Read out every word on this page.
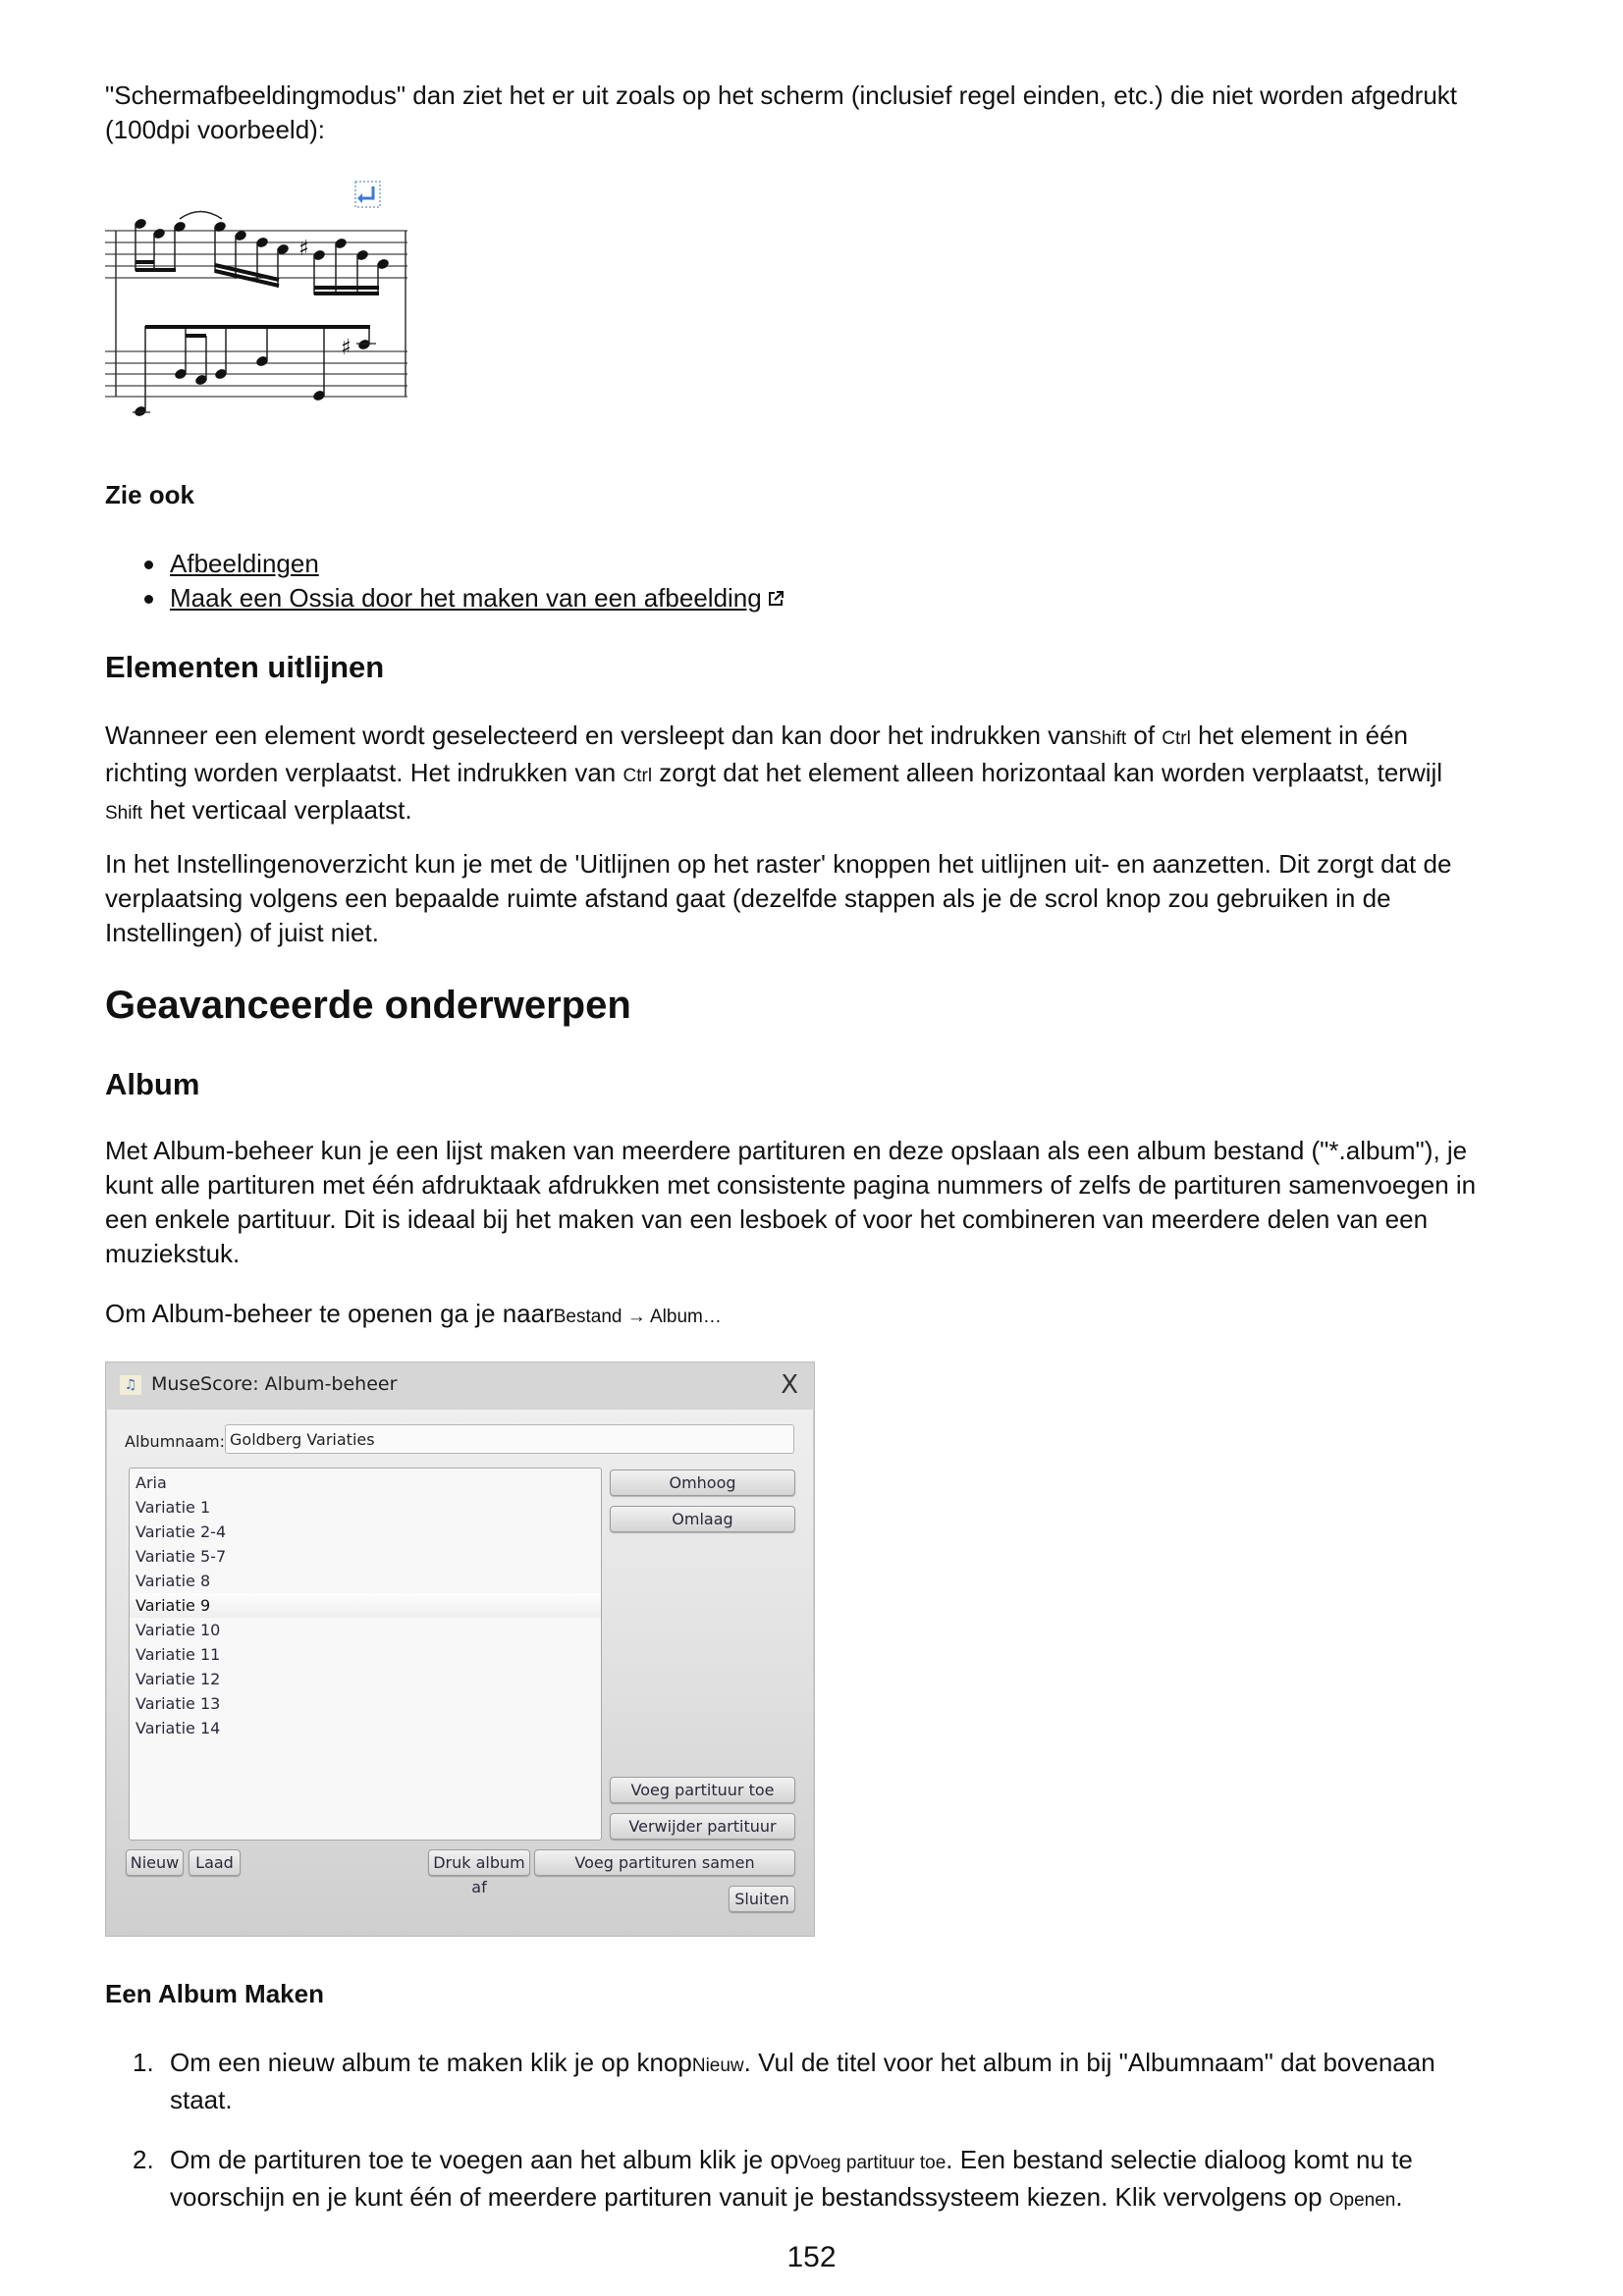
"Schermafbeeldingmodus" dan ziet het er uit zoals op het scherm (inclusief regel einden, etc.) die niet worden afgedrukt
(100dpi voorbeeld):
♯
♯
Zie ook
Afbeeldingen
Maak een Ossia door het maken van een afbeelding
Elementen uitlijnen
Wanneer een element wordt geselecteerd en versleept dan kan door het indrukken vanShift of Ctrl het element in één
richting worden verplaatst. Het indrukken van Ctrl zorgt dat het element alleen horizontaal kan worden verplaatst, terwijl
Shift het verticaal verplaatst.
In het Instellingenoverzicht kun je met de 'Uitlijnen op het raster' knoppen het uitlijnen uit- en aanzetten. Dit zorgt dat de
verplaatsing volgens een bepaalde ruimte afstand gaat (dezelfde stappen als je de scrol knop zou gebruiken in de
Instellingen) of juist niet.
Geavanceerde onderwerpen
Album
Met Album-beheer kun je een lijst maken van meerdere partituren en deze opslaan als een album bestand ("*.album"), je
kunt alle partituren met één afdruktaak afdrukken met consistente pagina nummers of zelfs de partituren samenvoegen in
een enkele partituur. Dit is ideaal bij het maken van een lesboek of voor het combineren van meerdere delen van een
muziekstuk.
Om Album-beheer te openen ga je naarBestand → Album…
♫ MuseScore: Album-beheer	X
Albumnaam:
Goldberg Variaties
Aria
Variatie 1
Variatie 2-4
Variatie 5-7
Variatie 8
Variatie 9
Variatie 10
Variatie 11
Variatie 12
Variatie 13
Variatie 14
Omhoog
Omlaag
Voeg partituur toe
Verwijder partituur
Nieuw	Laad	Druk album af
Voeg partituren samen
Sluiten
Een Album Maken
1. Om een nieuw album te maken klik je op knopNieuw. Vul de titel voor het album in bij "Albumnaam" dat bovenaan
staat.
2. Om de partituren toe te voegen aan het album klik je opVoeg partituur toe. Een bestand selectie dialoog komt nu te
voorschijn en je kunt één of meerdere partituren vanuit je bestandssysteem kiezen. Klik vervolgens op Openen.
152
